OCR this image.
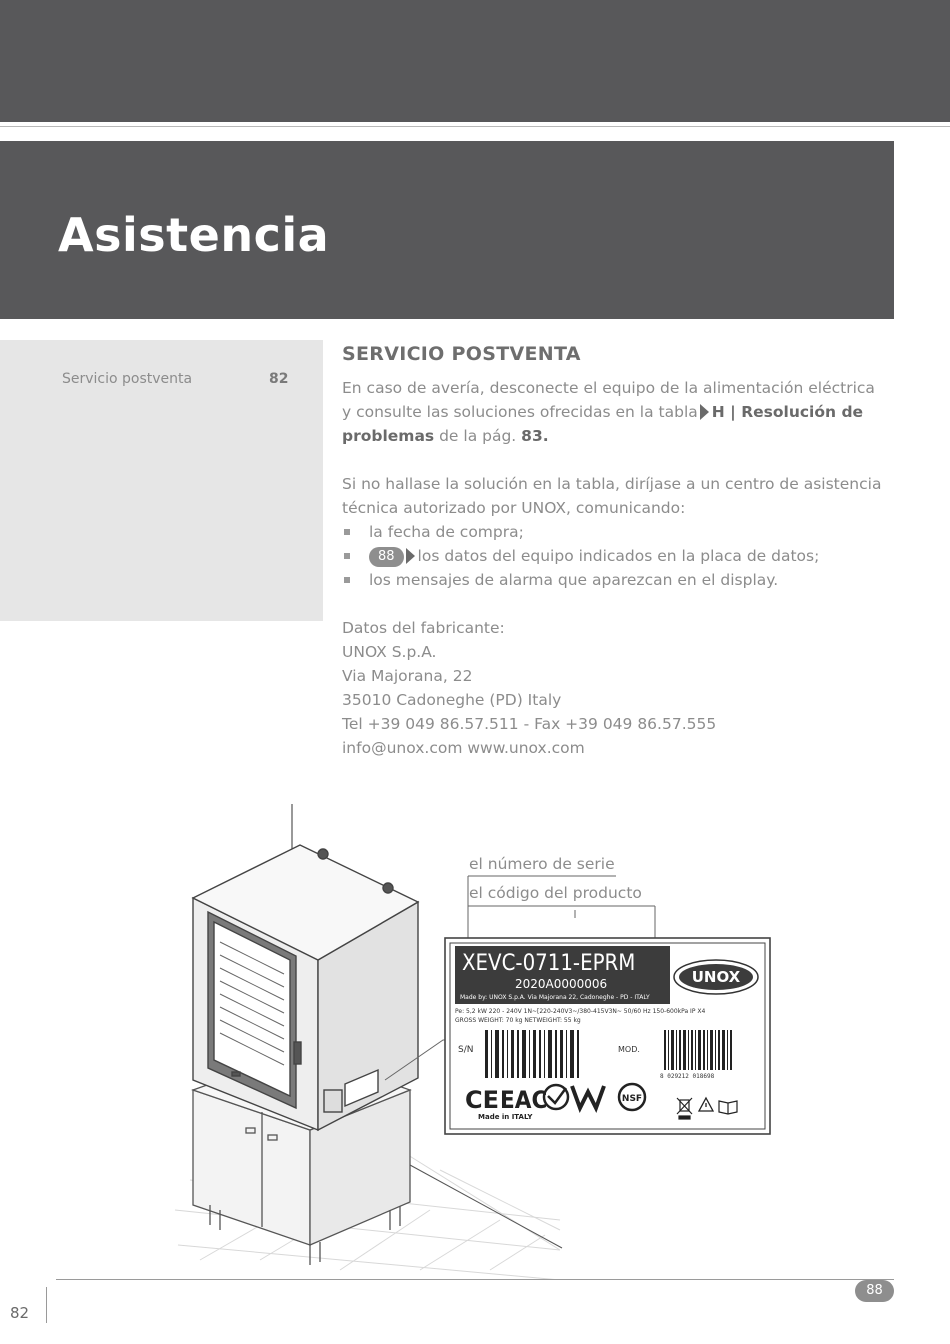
Asistencia
Servicio postventa	82
SERVICIO POSTVENTA
En caso de avería, desconecte el equipo de la alimentación eléctrica
y consulte las soluciones ofrecidas en la tabla H | Resolución de
problemas de la pág. 83.
Si no hallase la solución en la tabla, diríjase a un centro de asistencia
técnica autorizado por UNOX, comunicando:
la fecha de compra;
88 los datos del equipo indicados en la placa de datos;
los mensajes de alarma que aparezcan en el display.
Datos del fabricante:
UNOX S.p.A.
Via Majorana, 22
35010 Cadoneghe (PD) Italy
Tel +39 049 86.57.511 - Fax +39 049 86.57.555
info@unox.com www.unox.com
XEVC-0711-EPRM
2020A0000006
Made by: UNOX S.p.A. Via Majorana 22, Cadoneghe - PD - ITALY
Pe: 5,2 kW 220 - 240V 1N~[220-240V3~/380-415V3N~ 50/60 Hz 150-600kPa IP X4
GROSS WEIGHT: 70 kg NETWEIGHT: 55 kg
UNOX
S/N	MOD.
8 029212 018698
CE EAC	NSF
Made in ITALY
el número de serie
el código del producto
88
82
